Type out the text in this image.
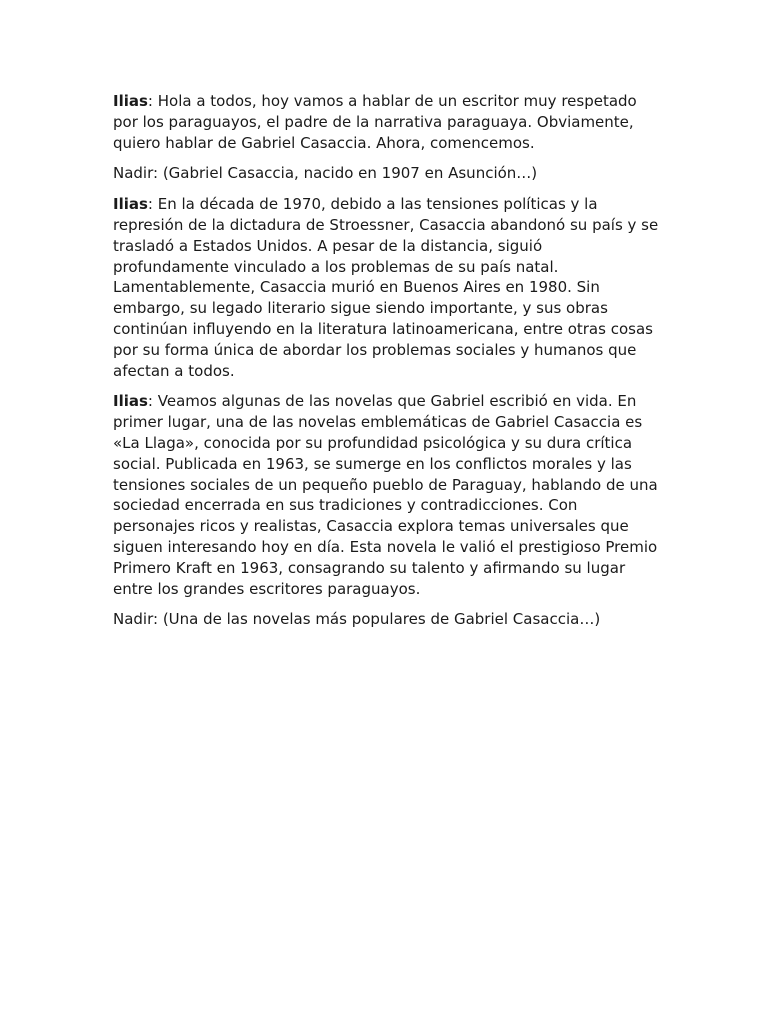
Ilias: Hola a todos, hoy vamos a hablar de un escritor muy respetado por los paraguayos, el padre de la narrativa paraguaya. Obviamente, quiero hablar de Gabriel Casaccia. Ahora, comencemos.

Nadir: (Gabriel Casaccia, nacido en 1907 en Asunción…)

Ilias: En la década de 1970, debido a las tensiones políticas y la represión de la dictadura de Stroessner, Casaccia abandonó su país y se trasladó a Estados Unidos. A pesar de la distancia, siguió profundamente vinculado a los problemas de su país natal. Lamentablemente, Casaccia murió en Buenos Aires en 1980. Sin embargo, su legado literario sigue siendo importante, y sus obras continúan influyendo en la literatura latinoamericana, entre otras cosas por su forma única de abordar los problemas sociales y humanos que afectan a todos.

Ilias: Veamos algunas de las novelas que Gabriel escribió en vida. En primer lugar, una de las novelas emblemáticas de Gabriel Casaccia es «La Llaga», conocida por su profundidad psicológica y su dura crítica social. Publicada en 1963, se sumerge en los conflictos morales y las tensiones sociales de un pequeño pueblo de Paraguay, hablando de una sociedad encerrada en sus tradiciones y contradicciones. Con personajes ricos y realistas, Casaccia explora temas universales que siguen interesando hoy en día. Esta novela le valió el prestigioso Premio Primero Kraft en 1963, consagrando su talento y afirmando su lugar entre los grandes escritores paraguayos.

Nadir: (Una de las novelas más populares de Gabriel Casaccia…)
